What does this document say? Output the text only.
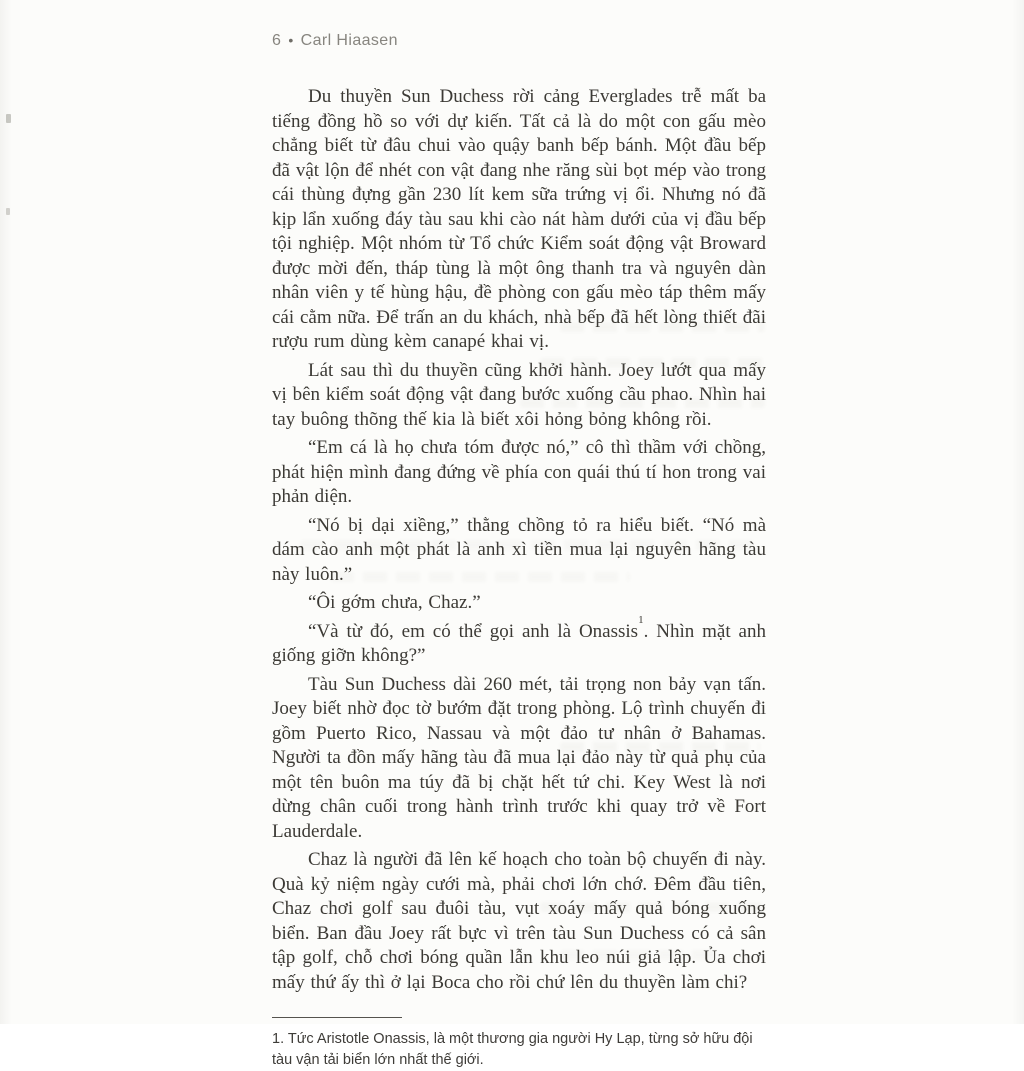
6 • Carl Hiaasen

Du thuyền Sun Duchess rời cảng Everglades trễ mất ba tiếng đồng hồ so với dự kiến. Tất cả là do một con gấu mèo chẳng biết từ đâu chui vào quậy banh bếp bánh. Một đầu bếp đã vật lộn để nhét con vật đang nhe răng sùi bọt mép vào trong cái thùng đựng gần 230 lít kem sữa trứng vị ổi. Nhưng nó đã kịp lẩn xuống đáy tàu sau khi cào nát hàm dưới của vị đầu bếp tội nghiệp. Một nhóm từ Tổ chức Kiểm soát động vật Broward được mời đến, tháp tùng là một ông thanh tra và nguyên dàn nhân viên y tế hùng hậu, đề phòng con gấu mèo táp thêm mấy cái cằm nữa. Để trấn an du khách, nhà bếp đã hết lòng thiết đãi rượu rum dùng kèm canapé khai vị.

Lát sau thì du thuyền cũng khởi hành. Joey lướt qua mấy vị bên kiểm soát động vật đang bước xuống cầu phao. Nhìn hai tay buông thõng thế kia là biết xôi hỏng bỏng không rồi.

“Em cá là họ chưa tóm được nó,” cô thì thầm với chồng, phát hiện mình đang đứng về phía con quái thú tí hon trong vai phản diện.

“Nó bị dại xiềng,” thằng chồng tỏ ra hiểu biết. “Nó mà dám cào anh một phát là anh xì tiền mua lại nguyên hãng tàu này luôn.”

“Ôi gớm chưa, Chaz.”

“Và từ đó, em có thể gọi anh là Onassis$^1$. Nhìn mặt anh giống giỡn không?”

Tàu Sun Duchess dài 260 mét, tải trọng non bảy vạn tấn. Joey biết nhờ đọc tờ bướm đặt trong phòng. Lộ trình chuyến đi gồm Puerto Rico, Nassau và một đảo tư nhân ở Bahamas. Người ta đồn mấy hãng tàu đã mua lại đảo này từ quả phụ của một tên buôn ma túy đã bị chặt hết tứ chi. Key West là nơi dừng chân cuối trong hành trình trước khi quay trở về Fort Lauderdale.

Chaz là người đã lên kế hoạch cho toàn bộ chuyến đi này. Quà kỷ niệm ngày cưới mà, phải chơi lớn chớ. Đêm đầu tiên, Chaz chơi golf sau đuôi tàu, vụt xoáy mấy quả bóng xuống biển. Ban đầu Joey rất bực vì trên tàu Sun Duchess có cả sân tập golf, chỗ chơi bóng quần lẫn khu leo núi giả lập. Ủa chơi mấy thứ ấy thì ở lại Boca cho rồi chứ lên du thuyền làm chi?

1. Tức Aristotle Onassis, là một thương gia người Hy Lạp, từng sở hữu đội tàu vận tải biển lớn nhất thế giới.
